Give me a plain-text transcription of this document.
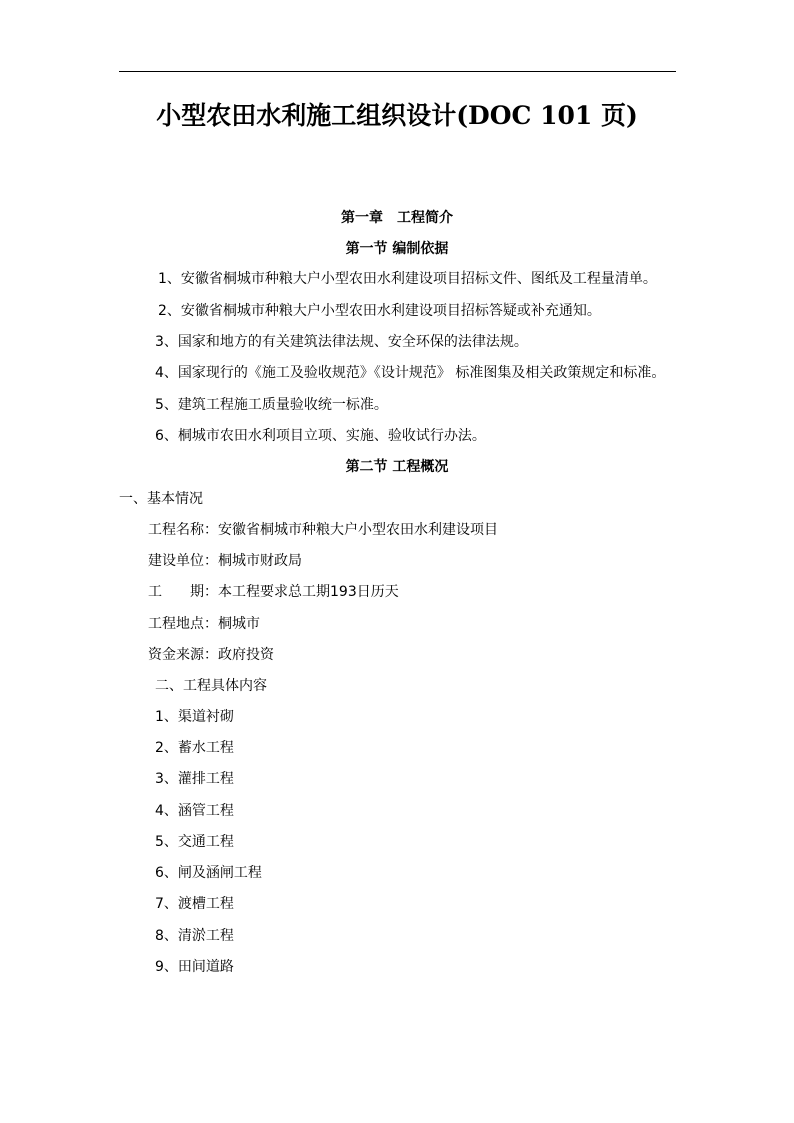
小型农田水利施工组织设计(DOC 101 页)
第一章　工程简介
第一节 编制依据
1、安徽省桐城市种粮大户小型农田水利建设项目招标文件、图纸及工程量清单。
2、安徽省桐城市种粮大户小型农田水利建设项目招标答疑或补充通知。
3、国家和地方的有关建筑法律法规、安全环保的法律法规。
4、国家现行的《施工及验收规范》《设计规范》 标准图集及相关政策规定和标准。
5、建筑工程施工质量验收统一标准。
6、桐城市农田水利项目立项、实施、验收试行办法。
第二节 工程概况
一、基本情况
工程名称：安徽省桐城市种粮大户小型农田水利建设项目
建设单位：桐城市财政局
工　　期：本工程要求总工期193日历天
工程地点：桐城市
资金来源：政府投资
二、工程具体内容
1、渠道衬砌
2、蓄水工程
3、灌排工程
4、涵管工程
5、交通工程
6、闸及涵闸工程
7、渡槽工程
8、清淤工程
9、田间道路
